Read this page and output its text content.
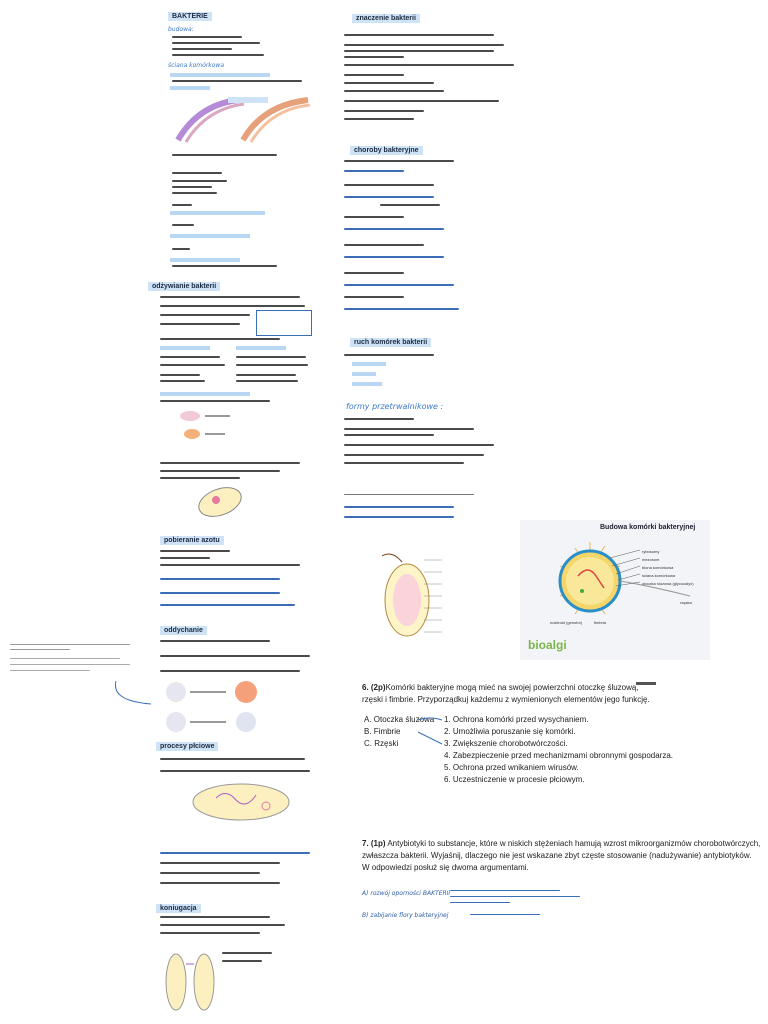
BAKTERIE
budowa:
ściana komórkowa
odżywianie bakterii
pobieranie azotu
oddychanie
procesy płciowe
koniugacja
znaczenie bakterii
choroby bakteryjne
ruch komórek bakterii
formy przetrwalnikowe :
Budowa komórki bakteryjnej
rybosomy
mezosom
błona komórkowa
ściana komórkowa
otoczka śluzowa (glycocalyx)
nukleoid (genofor)	fimbria
rzęska
bioalgi
6. (2p)Komórki bakteryjne mogą mieć na swojej powierzchni otoczkę śluzową,
rzęski i fimbrie. Przyporządkuj każdemu z wymienionych elementów jego funkcję.
A. Otoczka śluzowa
B. Fimbrie
C. Rzęski
1. Ochrona komórki przed wysychaniem.
2. Umożliwia poruszanie się komórki.
3. Zwiększenie chorobotwórczości.
4. Zabezpieczenie przed mechanizmami obronnymi gospodarza.
5. Ochrona przed wnikaniem wirusów.
6. Uczestniczenie w procesie płciowym.
7. (1p) Antybiotyki to substancje, które w niskich stężeniach hamują wzrost mikroorganizmów chorobotwórczych,
zwłaszcza bakterii. Wyjaśnij, dlaczego nie jest wskazane zbyt częste stosowanie (nadużywanie) antybiotyków.
W odpowiedzi posłuż się dwoma argumentami.
A) rozwój oporności BAKTERII
B) zabijanie flory bakteryjnej
